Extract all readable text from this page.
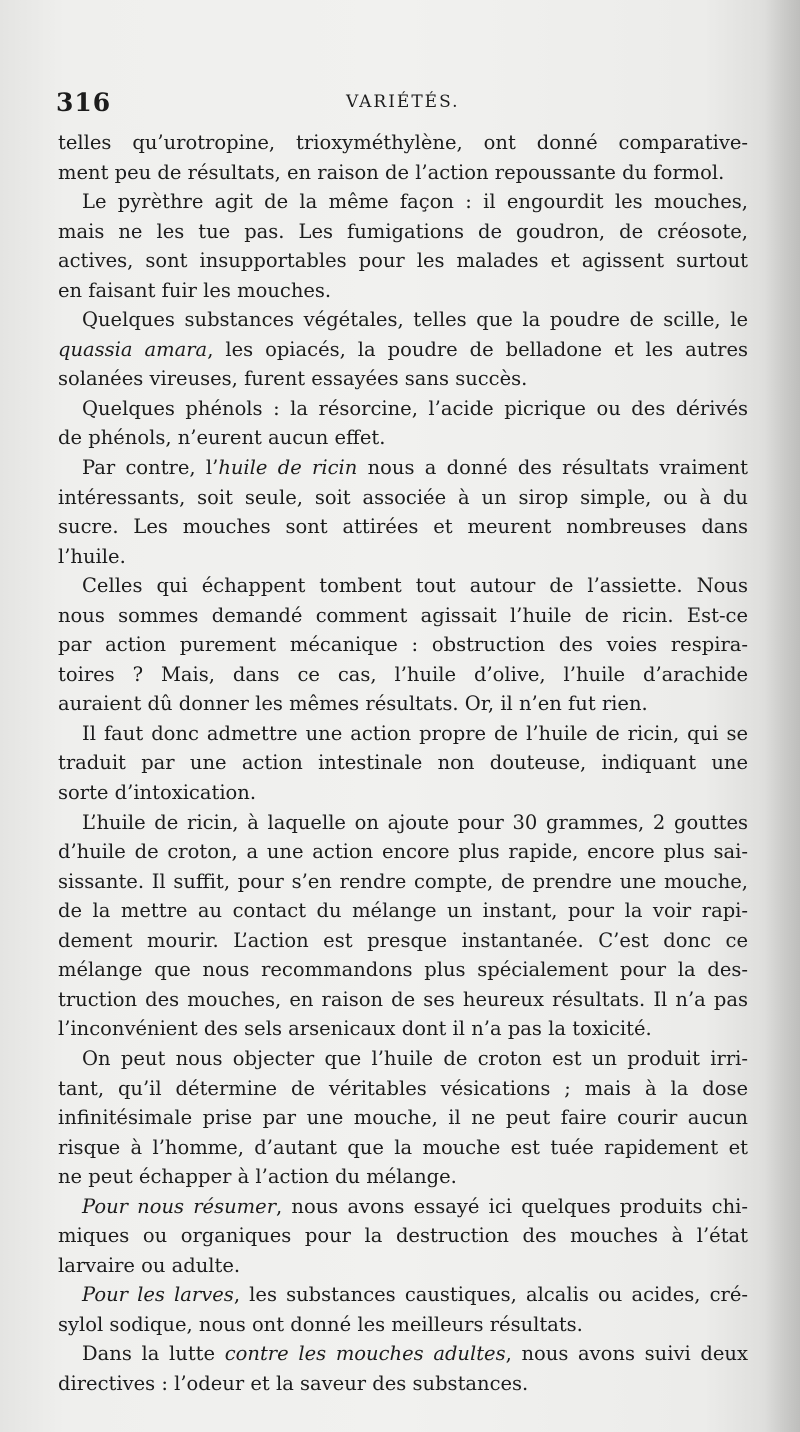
316	VARIÉTÉS.
telles qu’urotropine, trioxyméthylène, ont donné comparative-
ment peu de résultats, en raison de l’action repoussante du formol.
Le pyrèthre agit de la même façon : il engourdit les mouches,
mais ne les tue pas. Les fumigations de goudron, de créosote,
actives, sont insupportables pour les malades et agissent surtout
en faisant fuir les mouches.
Quelques substances végétales, telles que la poudre de scille, le
quassia amara, les opiacés, la poudre de belladone et les autres
solanées vireuses, furent essayées sans succès.
Quelques phénols : la résorcine, l’acide picrique ou des dérivés
de phénols, n’eurent aucun effet.
Par contre, l’huile de ricin nous a donné des résultats vraiment
intéressants, soit seule, soit associée à un sirop simple, ou à du
sucre. Les mouches sont attirées et meurent nombreuses dans
l’huile.
Celles qui échappent tombent tout autour de l’assiette. Nous
nous sommes demandé comment agissait l’huile de ricin. Est-ce
par action purement mécanique : obstruction des voies respira-
toires ? Mais, dans ce cas, l’huile d’olive, l’huile d’arachide
auraient dû donner les mêmes résultats. Or, il n’en fut rien.
Il faut donc admettre une action propre de l’huile de ricin, qui se
traduit par une action intestinale non douteuse, indiquant une
sorte d’intoxication.
L’huile de ricin, à laquelle on ajoute pour 30 grammes, 2 gouttes
d’huile de croton, a une action encore plus rapide, encore plus sai-
sissante. Il suffit, pour s’en rendre compte, de prendre une mouche,
de la mettre au contact du mélange un instant, pour la voir rapi-
dement mourir. L’action est presque instantanée. C’est donc ce
mélange que nous recommandons plus spécialement pour la des-
truction des mouches, en raison de ses heureux résultats. Il n’a pas
l’inconvénient des sels arsenicaux dont il n’a pas la toxicité.
On peut nous objecter que l’huile de croton est un produit irri-
tant, qu’il détermine de véritables vésications ; mais à la dose
infinitésimale prise par une mouche, il ne peut faire courir aucun
risque à l’homme, d’autant que la mouche est tuée rapidement et
ne peut échapper à l’action du mélange.
Pour nous résumer, nous avons essayé ici quelques produits chi-
miques ou organiques pour la destruction des mouches à l’état
larvaire ou adulte.
Pour les larves, les substances caustiques, alcalis ou acides, cré-
sylol sodique, nous ont donné les meilleurs résultats.
Dans la lutte contre les mouches adultes, nous avons suivi deux
directives : l’odeur et la saveur des substances.
